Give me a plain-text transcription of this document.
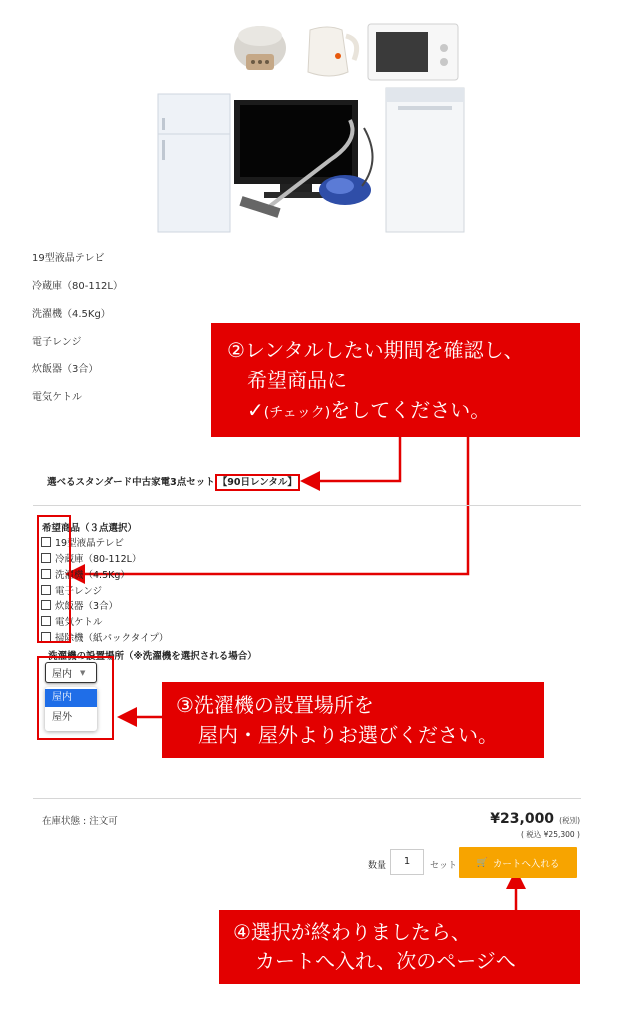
19型液晶テレビ
冷蔵庫（80-112L）
洗濯機（4.5Kg）
電子レンジ
炊飯器（3合）
電気ケトル
②レンタルしたい期間を確認し、
希望商品に
✓(チェック)をしてください。
選べるスタンダード中古家電3点セット 【90日レンタル】
希望商品（３点選択）
19型液晶テレビ
冷蔵庫（80-112L）
洗濯機（4.5Kg）
電子レンジ
炊飯器（3合）
電気ケトル
掃除機（紙パックタイプ）
洗濯機の設置場所（※洗濯機を選択される場合）
屋内 ▼
屋内
屋外
③洗濯機の設置場所を
屋内・屋外よりお選びください。
在庫状態 : 注文可	¥23,000 (税別)
( 税込 ¥25,300 )
数量	1	セット 🛒 カートへ入れる
④選択が終わりましたら、
カートへ入れ、次のページへ
